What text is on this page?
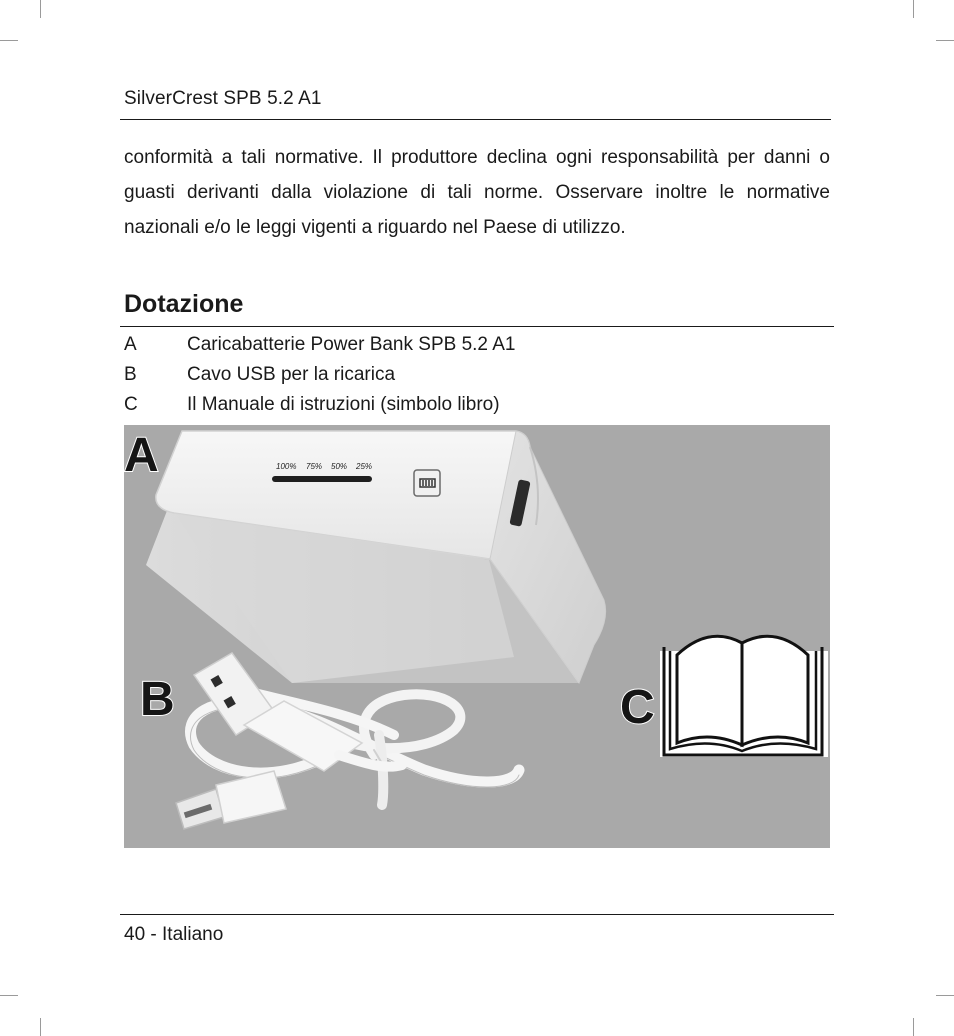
SilverCrest SPB 5.2 A1
conformità a tali normative. Il produttore declina ogni responsabilità per danni o guasti derivanti dalla violazione di tali norme. Osservare inoltre le normative nazionali e/o le leggi vigenti a riguardo nel Paese di utilizzo.
Dotazione
A	Caricabatterie Power Bank SPB 5.2 A1
B	Cavo USB per la ricarica
C	Il Manuale di istruzioni (simbolo libro)
100% 75% 50% 25%
A
B	C
40 - Italiano
